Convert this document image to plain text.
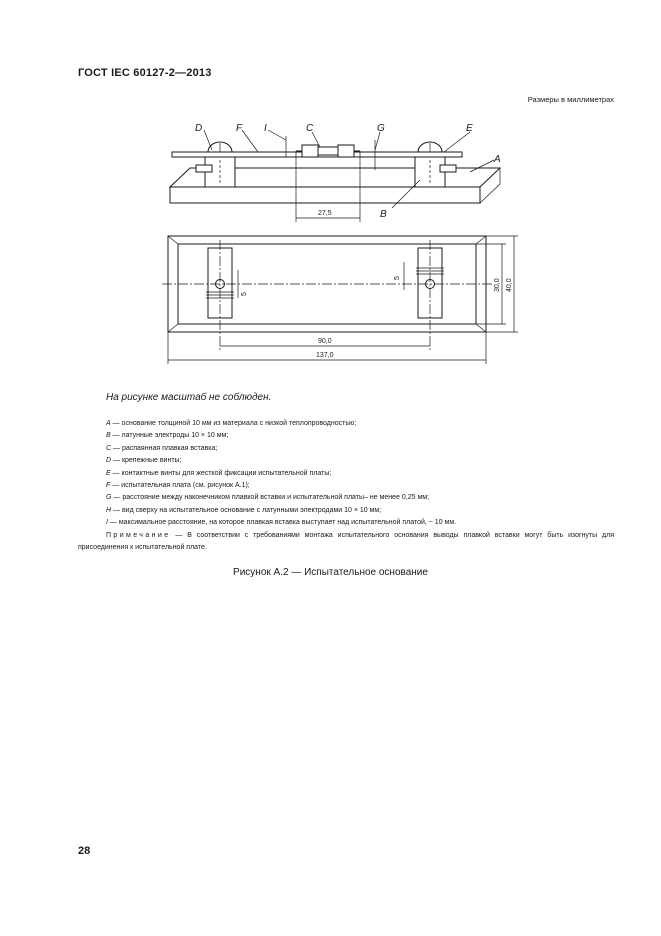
ГОСТ IEC 60127-2—2013
Размеры в миллиметрах
D	F I	C	G	E
A
B
27,5
5
5
30,0 40,0
90,0
137,0
На рисунке масштаб не соблюден.
A — основание толщиной 10 мм из материала с низкой теплопроводностью;
B — латунные электроды 10 × 10 мм;
C — распаянная плавкая вставка;
D — крепежные винты;
E — контактные винты для жесткой фиксации испытательной платы;
F — испытательная плата (см. рисунок А.1);
G — расстояние между наконечником плавкой вставки и испытательной платы– не менее 0,25 мм;
H — вид сверху на испытательное основание с латунными электродами 10 × 10 мм;
I — максимальное расстояние, на которое плавкая вставка выступает над испытательной платой, − 10 мм.
Примечание — В соответствии с требованиями монтажа испытательного основания выводы плавкой вставки могут быть изогнуты для присоединения к испытательной плате.
Рисунок А.2 — Испытательное основание
28
